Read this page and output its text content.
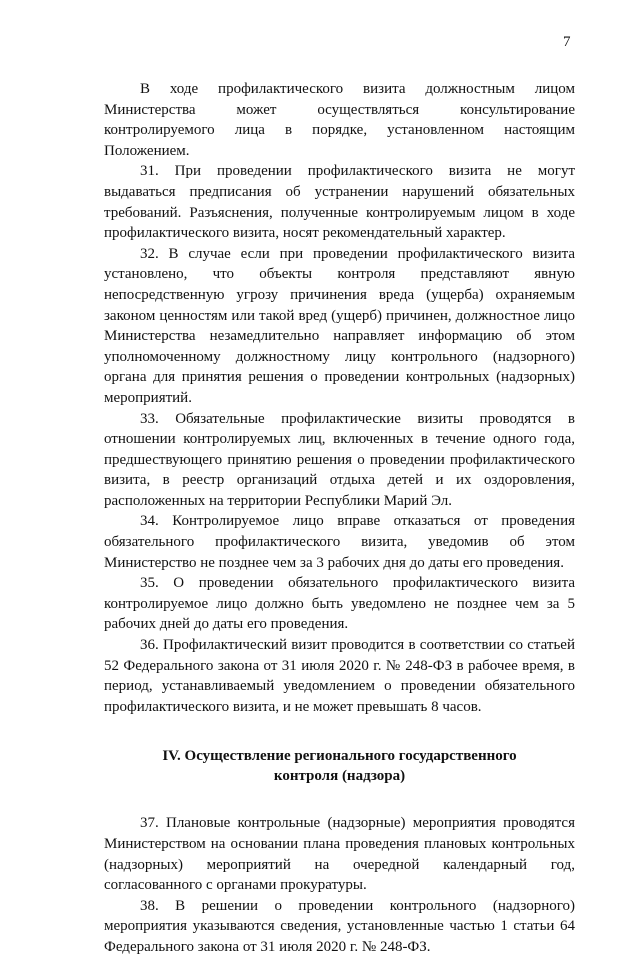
7

В ходе профилактического визита должностным лицом Министерства может осуществляться консультирование контролируемого лица в порядке, установленном настоящим Положением.

31. При проведении профилактического визита не могут выдаваться предписания об устранении нарушений обязательных требований. Разъяснения, полученные контролируемым лицом в ходе профилактического визита, носят рекомендательный характер.

32. В случае если при проведении профилактического визита установлено, что объекты контроля представляют явную непосредственную угрозу причинения вреда (ущерба) охраняемым законом ценностям или такой вред (ущерб) причинен, должностное лицо Министерства незамедлительно направляет информацию об этом уполномоченному должностному лицу контрольного (надзорного) органа для принятия решения о проведении контрольных (надзорных) мероприятий.

33. Обязательные профилактические визиты проводятся в отношении контролируемых лиц, включенных в течение одного года, предшествующего принятию решения о проведении профилактического визита, в реестр организаций отдыха детей и их оздоровления, расположенных на территории Республики Марий Эл.

34. Контролируемое лицо вправе отказаться от проведения обязательного профилактического визита, уведомив об этом Министерство не позднее чем за 3 рабочих дня до даты его проведения.

35. О проведении обязательного профилактического визита контролируемое лицо должно быть уведомлено не позднее чем за 5 рабочих дней до даты его проведения.

36. Профилактический визит проводится в соответствии со статьей 52 Федерального закона от 31 июля 2020 г. № 248-ФЗ в рабочее время, в период, устанавливаемый уведомлением о проведении обязательного профилактического визита, и не может превышать 8 часов.

IV. Осуществление регионального государственного
контроля (надзора)

37. Плановые контрольные (надзорные) мероприятия проводятся Министерством на основании плана проведения плановых контрольных (надзорных) мероприятий на очередной календарный год, согласованного с органами прокуратуры.

38. В решении о проведении контрольного (надзорного) мероприятия указываются сведения, установленные частью 1 статьи 64 Федерального закона от 31 июля 2020 г. № 248-ФЗ.
